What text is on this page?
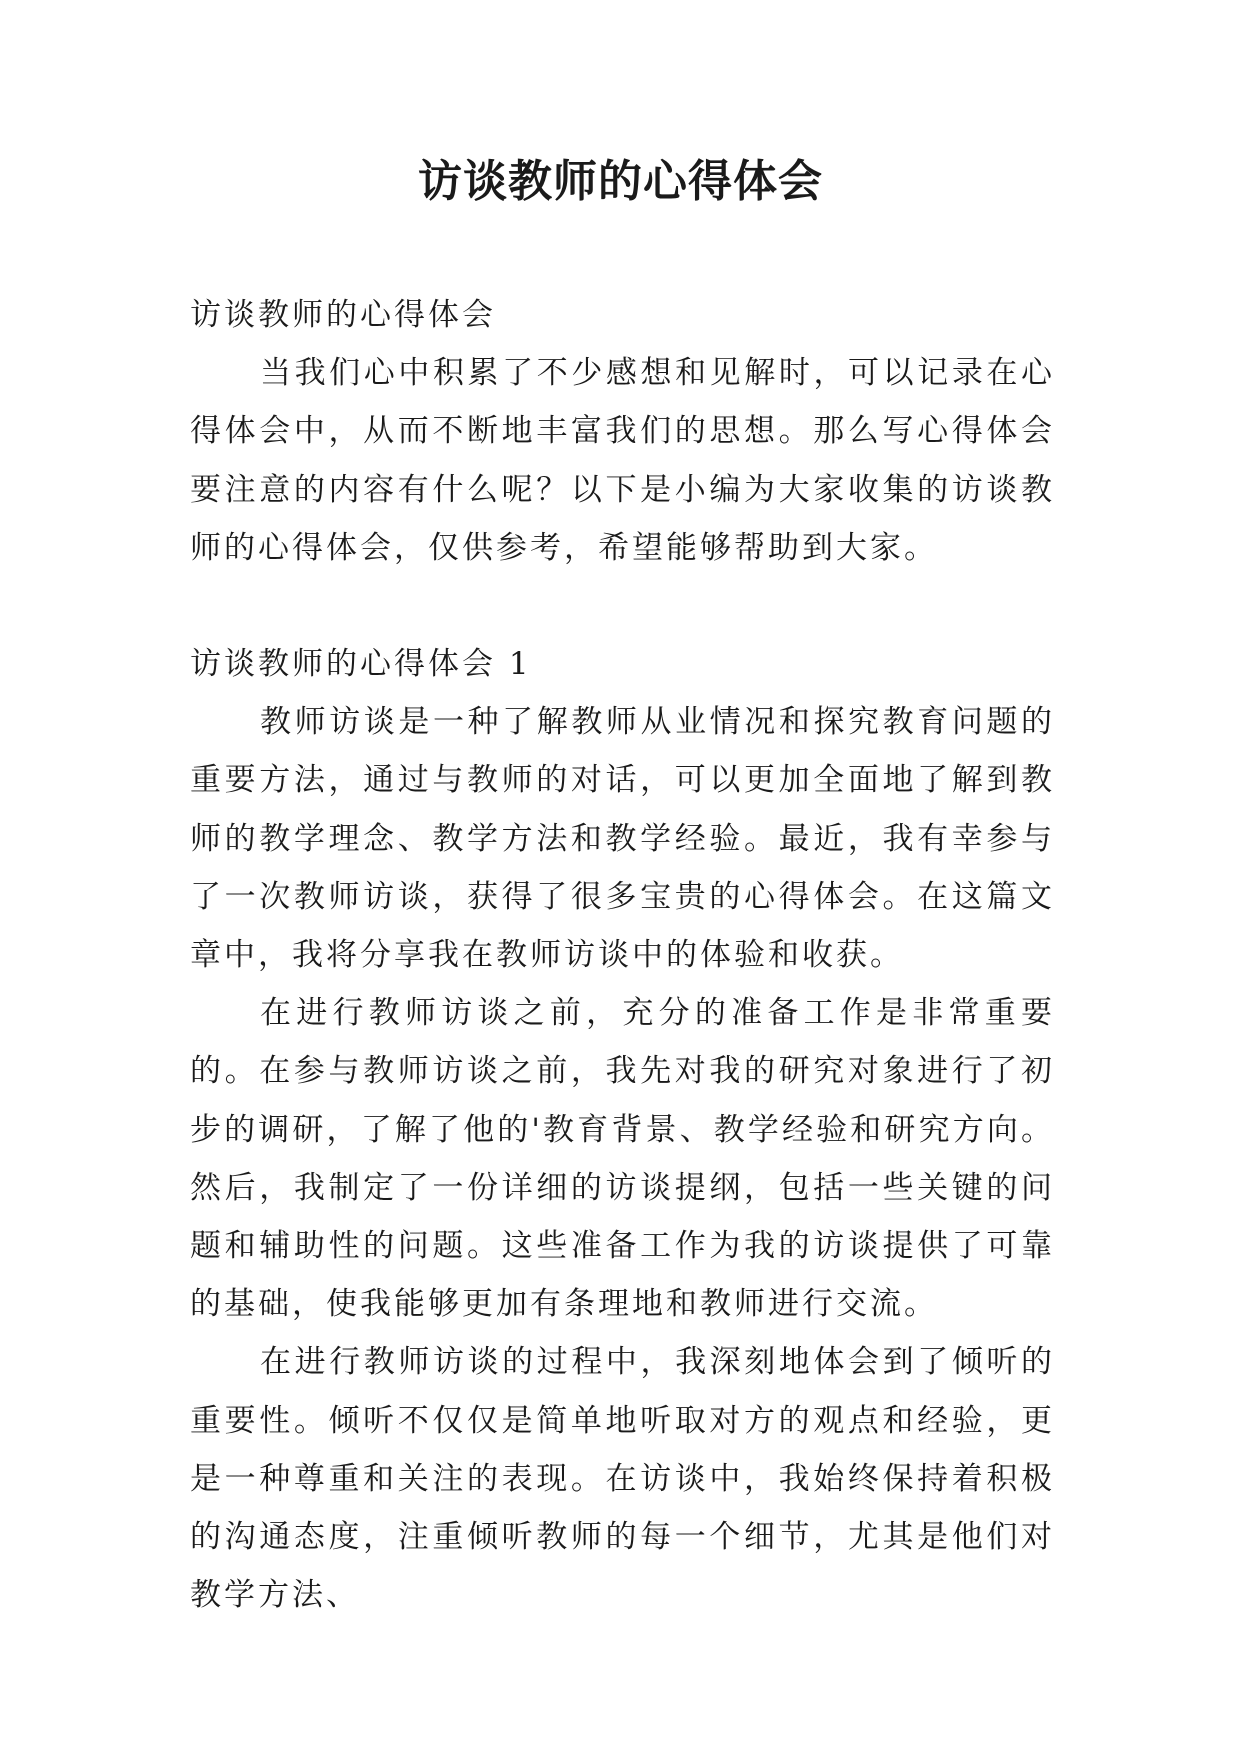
访谈教师的心得体会

访谈教师的心得体会

当我们心中积累了不少感想和见解时，可以记录在心得体会中，从而不断地丰富我们的思想。那么写心得体会要注意的内容有什么呢？以下是小编为大家收集的访谈教师的心得体会，仅供参考，希望能够帮助到大家。

访谈教师的心得体会 1

教师访谈是一种了解教师从业情况和探究教育问题的重要方法，通过与教师的对话，可以更加全面地了解到教师的教学理念、教学方法和教学经验。最近，我有幸参与了一次教师访谈，获得了很多宝贵的心得体会。在这篇文章中，我将分享我在教师访谈中的体验和收获。

在进行教师访谈之前，充分的准备工作是非常重要的。在参与教师访谈之前，我先对我的研究对象进行了初步的调研，了解了他的'教育背景、教学经验和研究方向。然后，我制定了一份详细的访谈提纲，包括一些关键的问题和辅助性的问题。这些准备工作为我的访谈提供了可靠的基础，使我能够更加有条理地和教师进行交流。

在进行教师访谈的过程中，我深刻地体会到了倾听的重要性。倾听不仅仅是简单地听取对方的观点和经验，更是一种尊重和关注的表现。在访谈中，我始终保持着积极的沟通态度，注重倾听教师的每一个细节，尤其是他们对教学方法、
